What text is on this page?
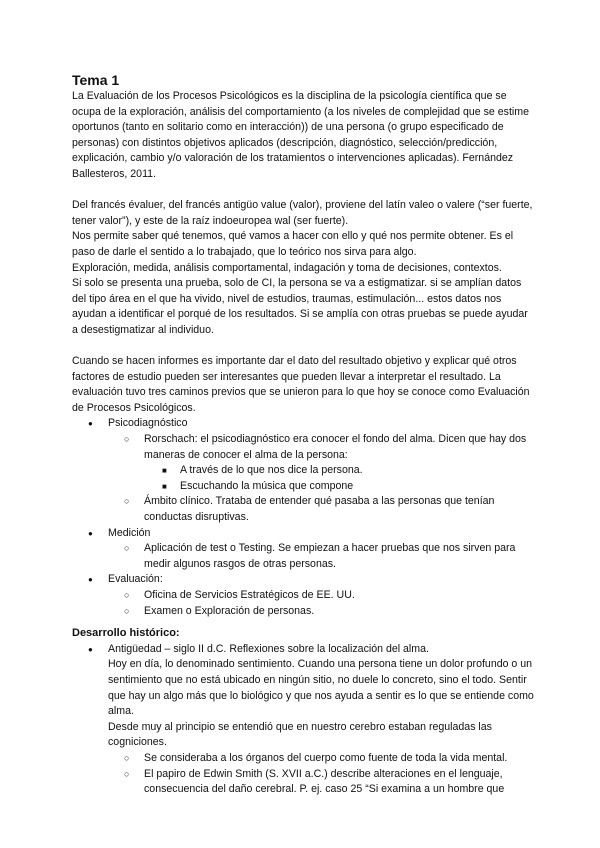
Tema 1

La Evaluación de los Procesos Psicológicos es la disciplina de la psicología científica que se ocupa de la exploración, análisis del comportamiento (a los niveles de complejidad que se estime oportunos (tanto en solitario como en interacción)) de una persona (o grupo especificado de personas) con distintos objetivos aplicados (descripción, diagnóstico, selección/predicción, explicación, cambio y/o valoración de los tratamientos o intervenciones aplicadas). Fernández Ballesteros, 2011.

Del francés évaluer, del francés antigüo value (valor), proviene del latín valeo o valere (“ser fuerte, tener valor”), y este de la raíz indoeuropea wal (ser fuerte).

Nos permite saber qué tenemos, qué vamos a hacer con ello y qué nos permite obtener. Es el paso de darle el sentido a lo trabajado, que lo teórico nos sirva para algo.

Exploración, medida, análisis comportamental, indagación y toma de decisiones, contextos.

Si solo se presenta una prueba, solo de CI, la persona se va a estigmatizar. si se amplían datos del tipo área en el que ha vivido, nivel de estudios, traumas, estimulación... estos datos nos ayudan a identificar el porqué de los resultados. Si se amplía con otras pruebas se puede ayudar a desestigmatizar al individuo.

Cuando se hacen informes es importante dar el dato del resultado objetivo y explicar qué otros factores de estudio pueden ser interesantes que pueden llevar a interpretar el resultado. La evaluación tuvo tres caminos previos que se unieron para lo que hoy se conoce como Evaluación de Procesos Psicológicos.

● Psicodiagnóstico
○ Rorschach: el psicodiagnóstico era conocer el fondo del alma. Dicen que hay dos maneras de conocer el alma de la persona:
■ A través de lo que nos dice la persona.
■ Escuchando la música que compone
○ Ámbito clínico. Trataba de entender qué pasaba a las personas que tenían conductas disruptivas.
● Medición
○ Aplicación de test o Testing. Se empiezan a hacer pruebas que nos sirven para medir algunos rasgos de otras personas.
● Evaluación:
○ Oficina de Servicios Estratégicos de EE. UU.
○ Examen o Exploración de personas.
Desarrollo histórico:

● Antigüedad – siglo II d.C. Reflexiones sobre la localización del alma.

Hoy en día, lo denominado sentimiento. Cuando una persona tiene un dolor profundo o un sentimiento que no está ubicado en ningún sitio, no duele lo concreto, sino el todo. Sentir que hay un algo más que lo biológico y que nos ayuda a sentir es lo que se entiende como alma.

Desde muy al principio se entendió que en nuestro cerebro estaban reguladas las cogniciones.

○ Se consideraba a los órganos del cuerpo como fuente de toda la vida mental.
○ El papiro de Edwin Smith (S. XVII a.C.) describe alteraciones en el lenguaje, consecuencia del daño cerebral. P. ej. caso 25 “Si examina a un hombre que
